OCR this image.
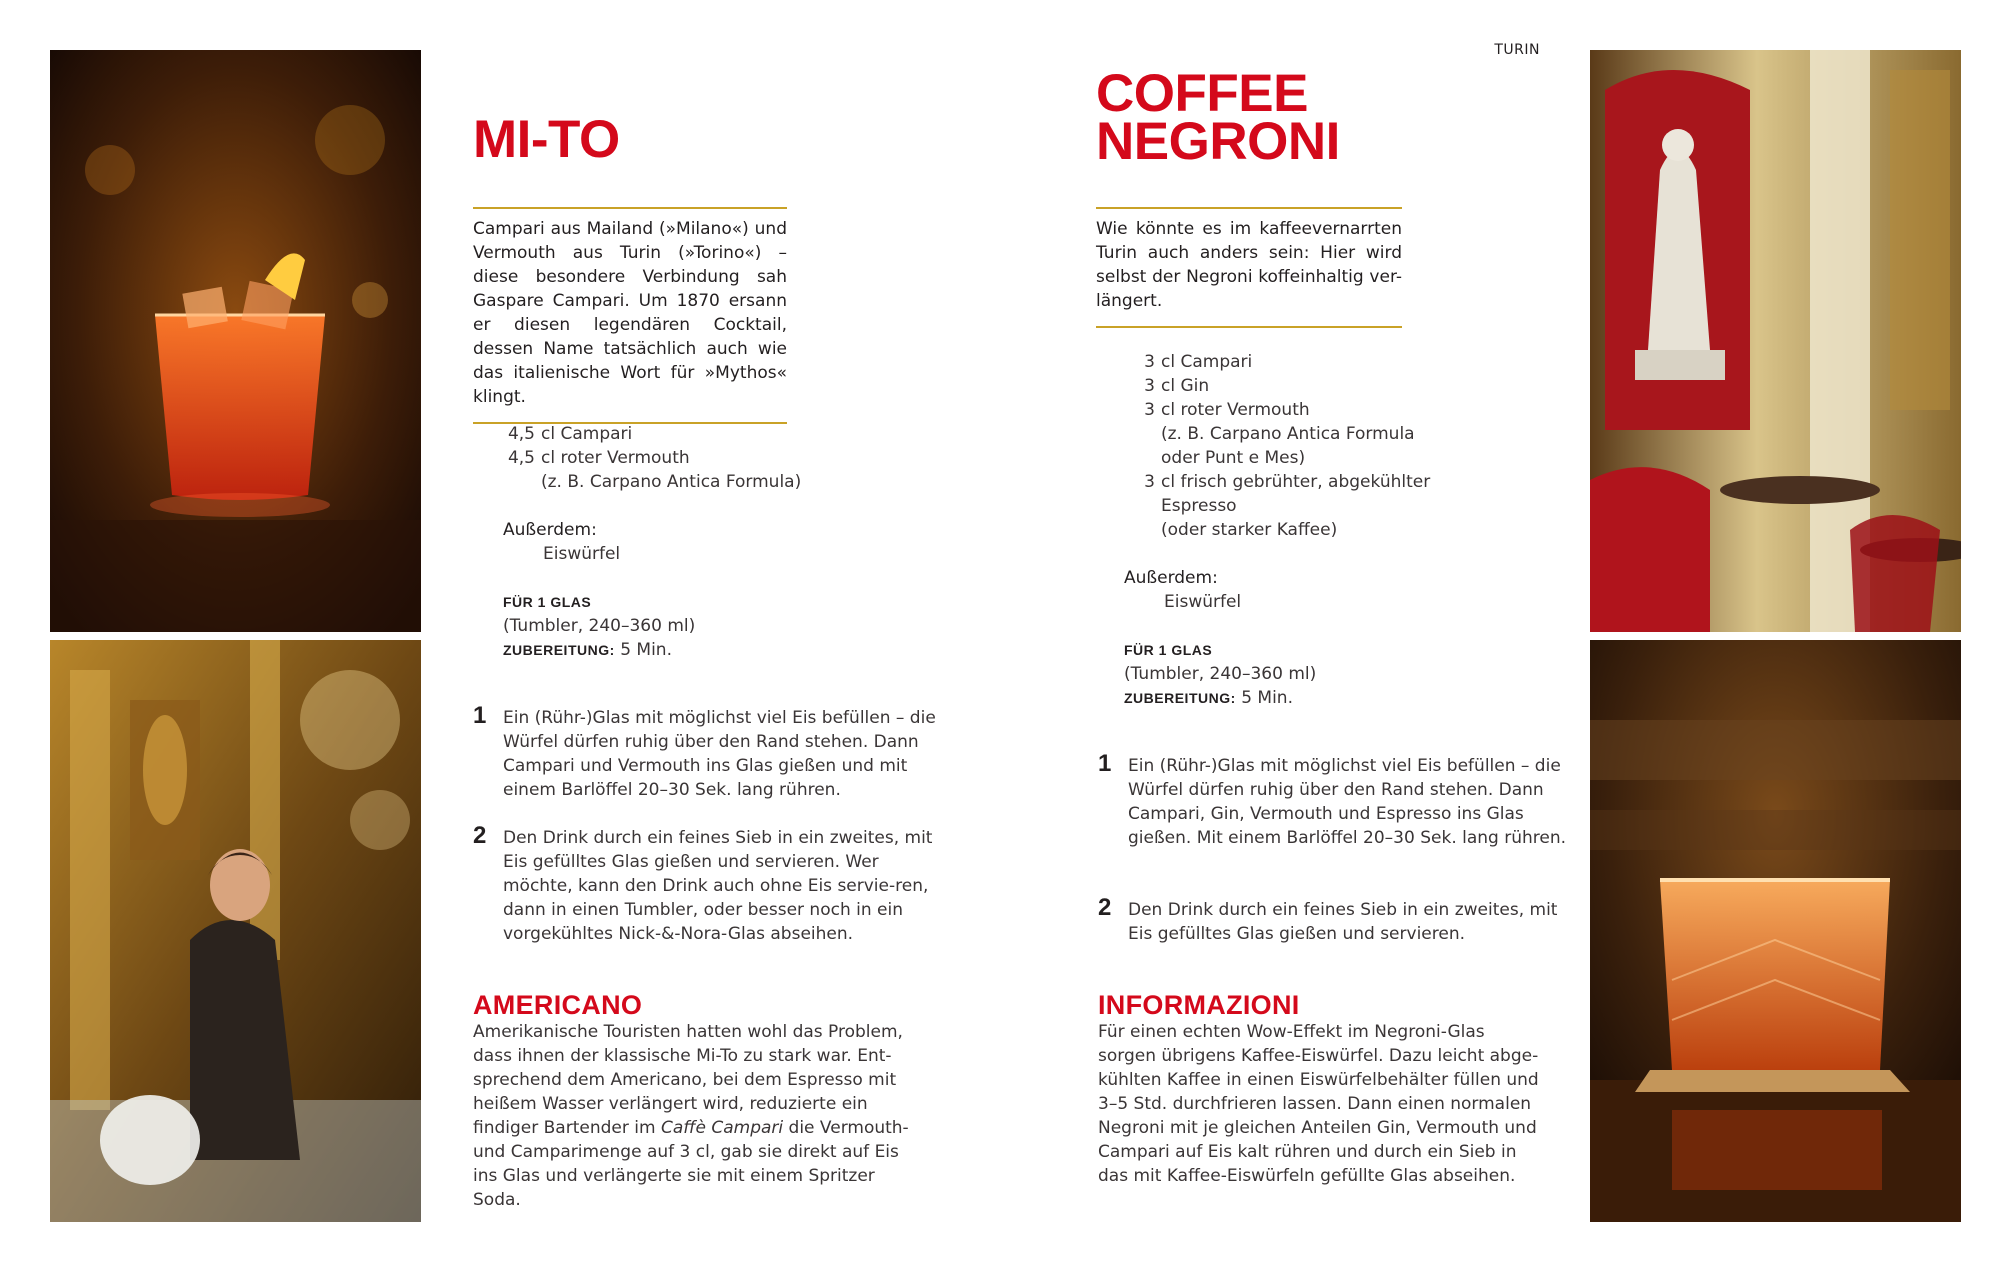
TURIN
MI-TO

Campari aus Mailand (»Milano«) und Vermouth aus Turin (»Torino«) – diese besondere Verbindung sah Gaspare Campari. Um 1870 ersann er diesen legendären Cocktail, dessen Name tatsächlich auch wie das italienische Wort für »Mythos« klingt.

4,5 cl Campari
4,5 cl roter Vermouth
(z. B. Carpano Antica Formula)
Außerdem:
Eiswürfel
FÜR 1 GLAS
(Tumbler, 240–360 ml)
ZUBEREITUNG: 5 Min.
1 Ein (Rühr-)Glas mit möglichst viel Eis befüllen – die Würfel dürfen ruhig über den Rand stehen. Dann Campari und Vermouth ins Glas gießen und mit einem Barlöffel 20–30 Sek. lang rühren.
2 Den Drink durch ein feines Sieb in ein zweites, mit Eis gefülltes Glas gießen und servieren. Wer möchte, kann den Drink auch ohne Eis servie-ren, dann in einen Tumbler, oder besser noch in ein vorgekühltes Nick-&-Nora-Glas abseihen.
AMERICANO
Amerikanische Touristen hatten wohl das Problem, dass ihnen der klassische Mi-To zu stark war. Ent-sprechend dem Americano, bei dem Espresso mit heißem Wasser verlängert wird, reduzierte ein findiger Bartender im Caffè Campari die Vermouth- und Camparimenge auf 3 cl, gab sie direkt auf Eis ins Glas und verlängerte sie mit einem Spritzer Soda.
COFFEE
NEGRONI

Wie könnte es im kaffeevernarrten Turin auch anders sein: Hier wird selbst der Negroni koffeinhaltig ver-längert.

3 cl Campari
3 cl Gin
3 cl roter Vermouth
(z. B. Carpano Antica Formula
oder Punt e Mes)
3 cl frisch gebrühter, abgekühlter
Espresso
(oder starker Kaffee)
Außerdem:
Eiswürfel
FÜR 1 GLAS
(Tumbler, 240–360 ml)
ZUBEREITUNG: 5 Min.
1 Ein (Rühr-)Glas mit möglichst viel Eis befüllen – die Würfel dürfen ruhig über den Rand stehen. Dann Campari, Gin, Vermouth und Espresso ins Glas gießen. Mit einem Barlöffel 20–30 Sek. lang rühren.
2 Den Drink durch ein feines Sieb in ein zweites, mit Eis gefülltes Glas gießen und servieren.
INFORMAZIONI
Für einen echten Wow-Effekt im Negroni-Glas sorgen übrigens Kaffee-Eiswürfel. Dazu leicht abge-kühlten Kaffee in einen Eiswürfelbehälter füllen und 3–5 Std. durchfrieren lassen. Dann einen normalen Negroni mit je gleichen Anteilen Gin, Vermouth und Campari auf Eis kalt rühren und durch ein Sieb in das mit Kaffee-Eiswürfeln gefüllte Glas abseihen.
